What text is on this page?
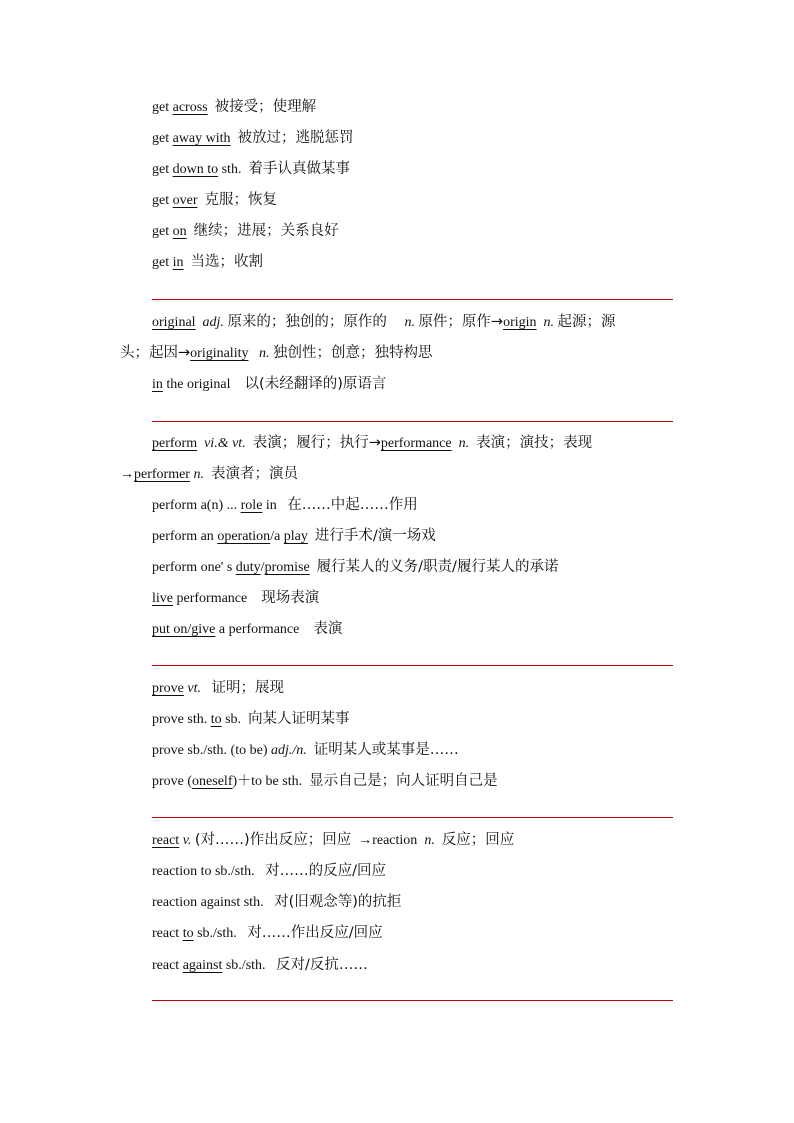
get across 被接受；使理解
get away with 被放过；逃脱惩罚
get down to sth. 着手认真做某事
get over 克服；恢复
get on 继续；进展；关系良好
get in 当选；收割
original adj. 原来的；独创的；原作的 n. 原件；原作→origin n. 起源；源
头；起因→originality n. 独创性；创意；独特构思
in the original 以(未经翻译的)原语言
perform vi.& vt. 表演；履行；执行→performance n. 表演；演技；表现
→performer n. 表演者；演员
perform a(n) ... role in 在……中起……作用
perform an operation/a play 进行手术/演一场戏
perform one' s duty/promise 履行某人的义务/职责/履行某人的承诺
live performance 现场表演
put on/give a performance 表演
prove vt. 证明；展现
prove sth. to sb. 向某人证明某事
prove sb./sth. (to be) adj./n. 证明某人或某事是……
prove (oneself)＋to be sth. 显示自己是；向人证明自己是
react v. (对……)作出反应；回应 →reaction n. 反应；回应
reaction to sb./sth. 对……的反应/回应
reaction against sth. 对(旧观念等)的抗拒
react to sb./sth. 对……作出反应/回应
react against sb./sth. 反对/反抗……
